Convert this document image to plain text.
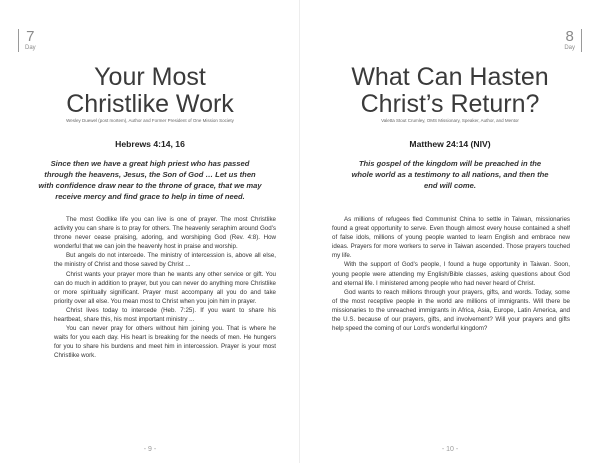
7
Day
Your Most
Christlike Work
Wesley Duewel (post mortem), Author and Former President of One Mission Society
Hebrews 4:14, 16
Since then we have a great high priest who has passed through the heavens, Jesus, the Son of God … Let us then with confidence draw near to the throne of grace, that we may receive mercy and find grace to help in time of need.

The most Godlike life you can live is one of prayer. The most Christlike activity you can share is to pray for others. The heavenly seraphim around God’s throne never cease praising, adoring, and worshiping God (Rev. 4:8). How wonderful that we can join the heavenly host in praise and worship.

But angels do not intercede. The ministry of intercession is, above all else, the ministry of Christ and those saved by Christ ...

Christ wants your prayer more than he wants any other service or gift. You can do much in addition to prayer, but you can never do anything more Christlike or more spiritually significant. Prayer must accompany all you do and take priority over all else. You mean most to Christ when you join him in prayer.

Christ lives today to intercede (Heb. 7:25). If you want to share his heartbeat, share this, his most important ministry ...

You can never pray for others without him joining you. That is where he waits for you each day. His heart is breaking for the needs of men. He hungers for you to share his burdens and meet him in intercession. Prayer is your most Christlike work.

- 9 -
8
Day
What Can Hasten
Christ’s Return?
Valetta Stout Crumley, OMS Missionary, Speaker, Author, and Mentor
Matthew 24:14 (NIV)
This gospel of the kingdom will be preached in the whole world as a testimony to all nations, and then the end will come.

As millions of refugees fled Communist China to settle in Taiwan, missionaries found a great opportunity to serve. Even though almost every house contained a shelf of false idols, millions of young people wanted to learn English and embrace new ideas. Prayers for more workers to serve in Taiwan ascended. Those prayers touched my life.

With the support of God’s people, I found a huge opportunity in Taiwan. Soon, young people were attending my English/Bible classes, asking questions about God and eternal life. I ministered among people who had never heard of Christ.

God wants to reach millions through your prayers, gifts, and words. Today, some of the most receptive people in the world are millions of immigrants. Will there be missionaries to the unreached immigrants in Africa, Asia, Europe, Latin America, and the U.S. because of our prayers, gifts, and involvement? Will your prayers and gifts help speed the coming of our Lord’s wonderful kingdom?

- 10 -
